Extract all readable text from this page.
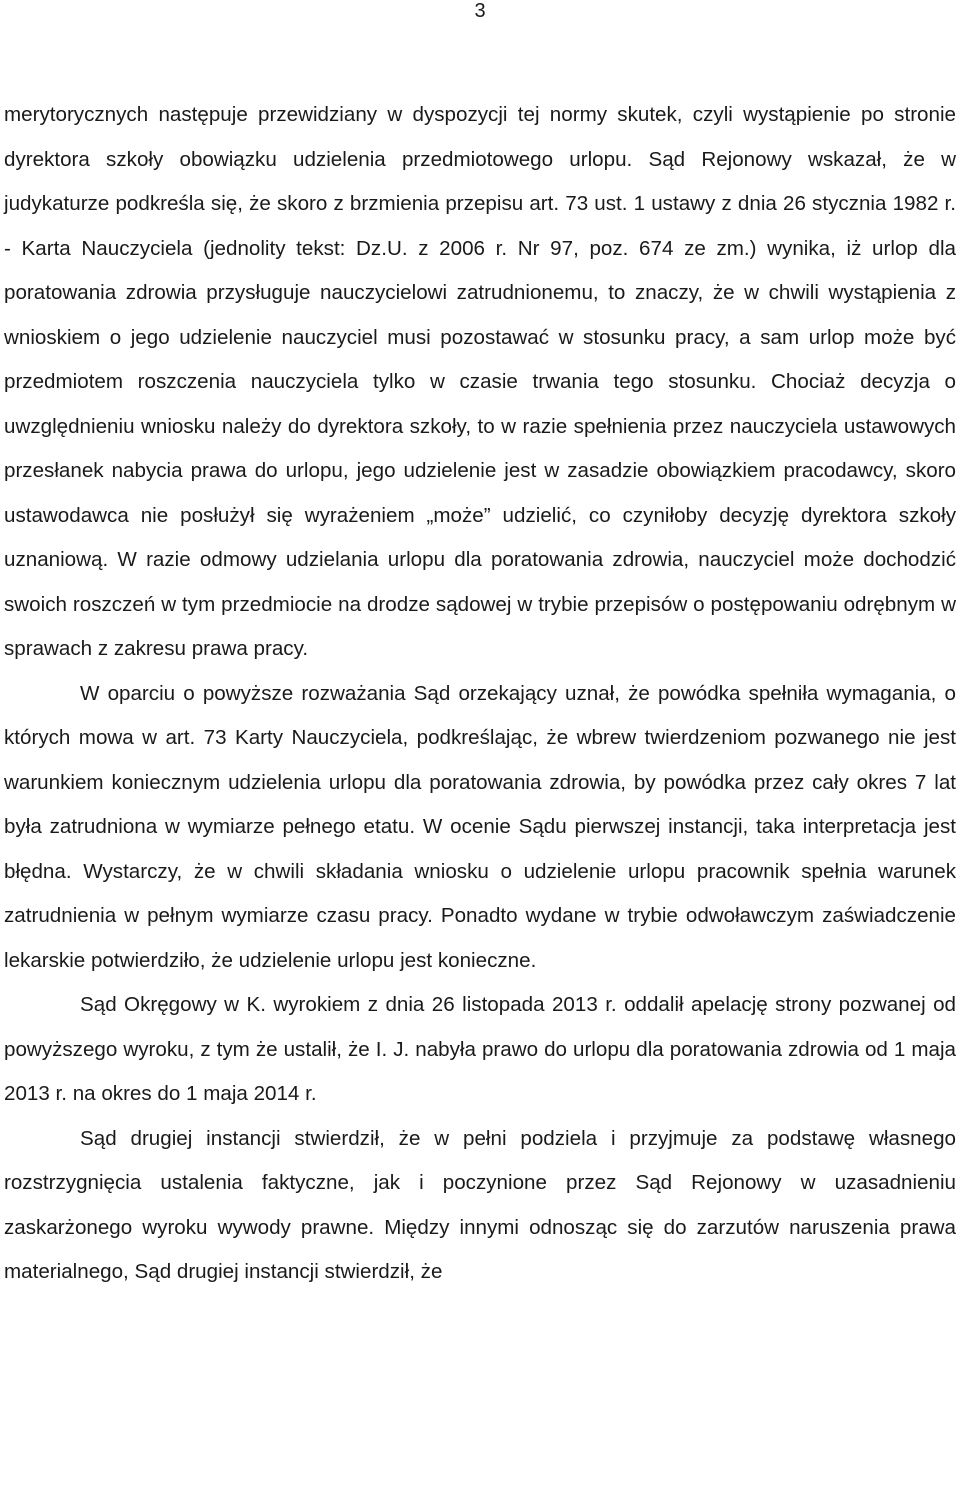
3

merytorycznych następuje przewidziany w dyspozycji tej normy skutek, czyli wystąpienie po stronie dyrektora szkoły obowiązku udzielenia przedmiotowego urlopu. Sąd Rejonowy wskazał, że w judykaturze podkreśla się, że skoro z brzmienia przepisu art. 73 ust. 1 ustawy z dnia 26 stycznia 1982 r. - Karta Nauczyciela (jednolity tekst: Dz.U. z 2006 r. Nr 97, poz. 674 ze zm.) wynika, iż urlop dla poratowania zdrowia przysługuje nauczycielowi zatrudnionemu, to znaczy, że w chwili wystąpienia z wnioskiem o jego udzielenie nauczyciel musi pozostawać w stosunku pracy, a sam urlop może być przedmiotem roszczenia nauczyciela tylko w czasie trwania tego stosunku. Chociaż decyzja o uwzględnieniu wniosku należy do dyrektora szkoły, to w razie spełnienia przez nauczyciela ustawowych przesłanek nabycia prawa do urlopu, jego udzielenie jest w zasadzie obowiązkiem pracodawcy, skoro ustawodawca nie posłużył się wyrażeniem „może” udzielić, co czyniłoby decyzję dyrektora szkoły uznaniową. W razie odmowy udzielania urlopu dla poratowania zdrowia, nauczyciel może dochodzić swoich roszczeń w tym przedmiocie na drodze sądowej w trybie przepisów o postępowaniu odrębnym w sprawach z zakresu prawa pracy.

W oparciu o powyższe rozważania Sąd orzekający uznał, że powódka spełniła wymagania, o których mowa w art. 73 Karty Nauczyciela, podkreślając, że wbrew twierdzeniom pozwanego nie jest warunkiem koniecznym udzielenia urlopu dla poratowania zdrowia, by powódka przez cały okres 7 lat była zatrudniona w wymiarze pełnego etatu. W ocenie Sądu pierwszej instancji, taka interpretacja jest błędna. Wystarczy, że w chwili składania wniosku o udzielenie urlopu pracownik spełnia warunek zatrudnienia w pełnym wymiarze czasu pracy. Ponadto wydane w trybie odwoławczym zaświadczenie lekarskie potwierdziło, że udzielenie urlopu jest konieczne.

Sąd Okręgowy w K. wyrokiem z dnia 26 listopada 2013 r. oddalił apelację strony pozwanej od powyższego wyroku, z tym że ustalił, że I. J. nabyła prawo do urlopu dla poratowania zdrowia od 1 maja 2013 r. na okres do 1 maja 2014 r.

Sąd drugiej instancji stwierdził, że w pełni podziela i przyjmuje za podstawę własnego rozstrzygnięcia ustalenia faktyczne, jak i poczynione przez Sąd Rejonowy w uzasadnieniu zaskarżonego wyroku wywody prawne. Między innymi odnosząc się do zarzutów naruszenia prawa materialnego, Sąd drugiej instancji stwierdził, że
